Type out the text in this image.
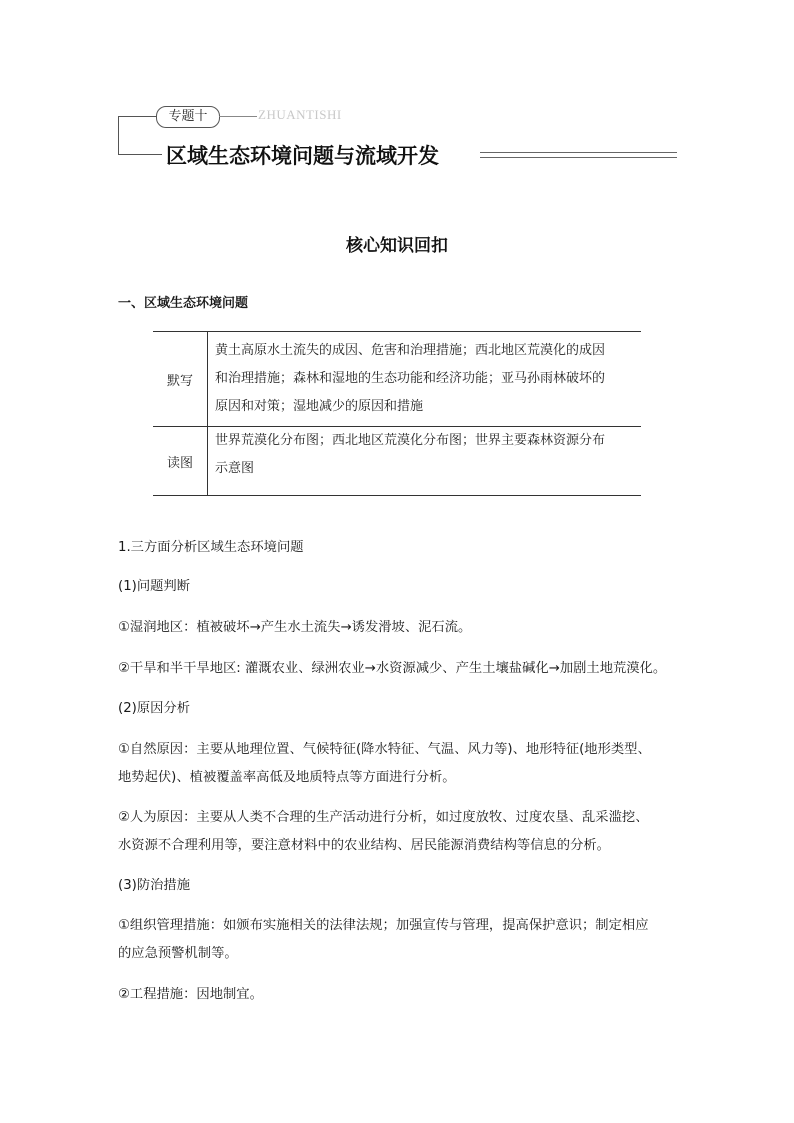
专题十	ZHUANTISHI
区域生态环境问题与流域开发
核心知识回扣
一、区域生态环境问题
默写	黄土高原水土流失的成因、危害和治理措施；西北地区荒漠化的成因
和治理措施；森林和湿地的生态功能和经济功能；亚马孙雨林破坏的
原因和对策；湿地减少的原因和措施

读图	世界荒漠化分布图；西北地区荒漠化分布图；世界主要森林资源分布
示意图
1.三方面分析区域生态环境问题
(1)问题判断
①湿润地区：植被破坏→产生水土流失→诱发滑坡、泥石流。
②干旱和半干旱地区: 灌溉农业、绿洲农业→水资源减少、产生土壤盐碱化→加剧土地荒漠化。
(2)原因分析
①自然原因：主要从地理位置、气候特征(降水特征、气温、风力等)、地形特征(地形类型、
地势起伏)、植被覆盖率高低及地质特点等方面进行分析。
②人为原因：主要从人类不合理的生产活动进行分析，如过度放牧、过度农垦、乱采滥挖、
水资源不合理利用等，要注意材料中的农业结构、居民能源消费结构等信息的分析。
(3)防治措施
①组织管理措施：如颁布实施相关的法律法规；加强宣传与管理，提高保护意识；制定相应
的应急预警机制等。
②工程措施：因地制宜。
